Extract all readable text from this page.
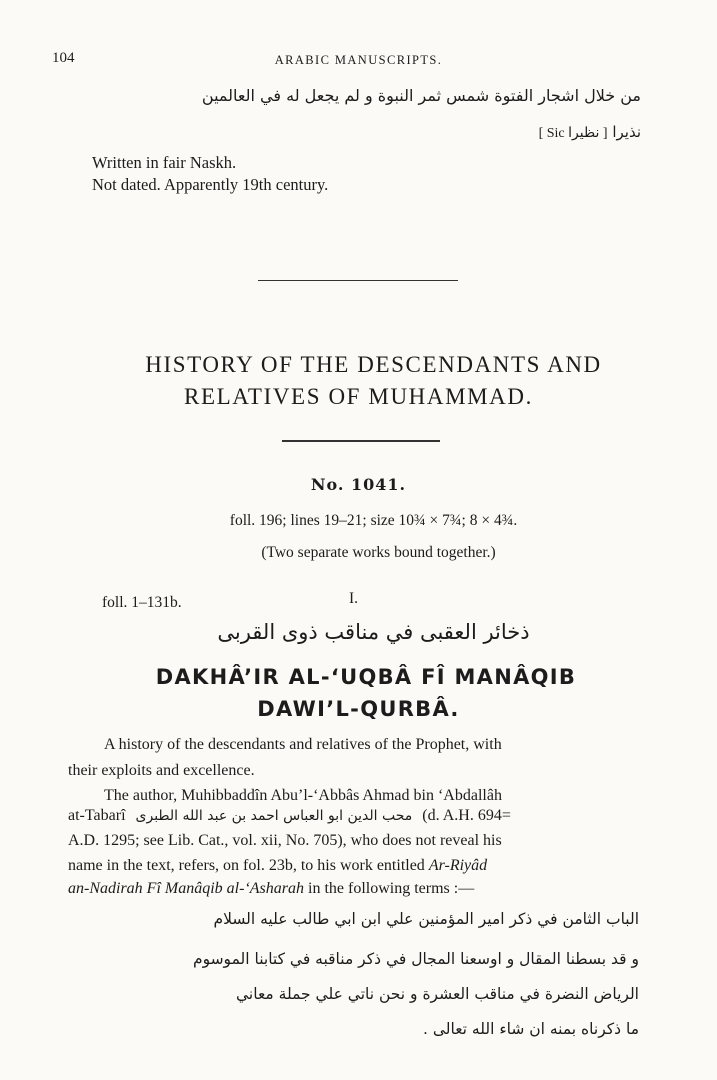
104	ARABIC MANUSCRIPTS.
من خلال اشجار الفتوة شمس ثمر النبوة و لم يجعل له في العالمين
نذيرا [ Sic نظيرا ]
Written in fair Naskh.
Not dated. Apparently 19th century.
HISTORY OF THE DESCENDANTS AND
RELATIVES OF MUHAMMAD.
No. 1041.
foll. 196; lines 19–21; size 10¾ × 7¾; 8 × 4¾.
(Two separate works bound together.)
foll. 1–131b.	I.
ذخائر العقبى في مناقب ذوى القربى
DAKHÂ’IR AL-‘UQBÂ FÎ MANÂQIB
DAWI’L-QURBÂ.
A history of the descendants and relatives of the Prophet, with
their exploits and excellence.
The author, Muhibbaddîn Abu’l-‘Abbâs Ahmad bin ‘Abdallâh
at-Tabarî محب الدين ابو العباس احمد بن عبد الله الطبرى (d. A.H. 694=
A.D. 1295; see Lib. Cat., vol. xii, No. 705), who does not reveal his
name in the text, refers, on fol. 23b, to his work entitled Ar-Riyâd
an-Nadirah Fî Manâqib al-‘Asharah in the following terms :—
الباب الثامن في ذكر امير المؤمنين علي ابن ابي طالب عليه السلام
و قد بسطنا المقال و اوسعنا المجال في ذكر مناقبه في كتابنا الموسوم
الرياض النضرة في مناقب العشرة و نحن ناتي علي جملة معاني
ما ذكرناه بمنه ان شاء الله تعالى .
